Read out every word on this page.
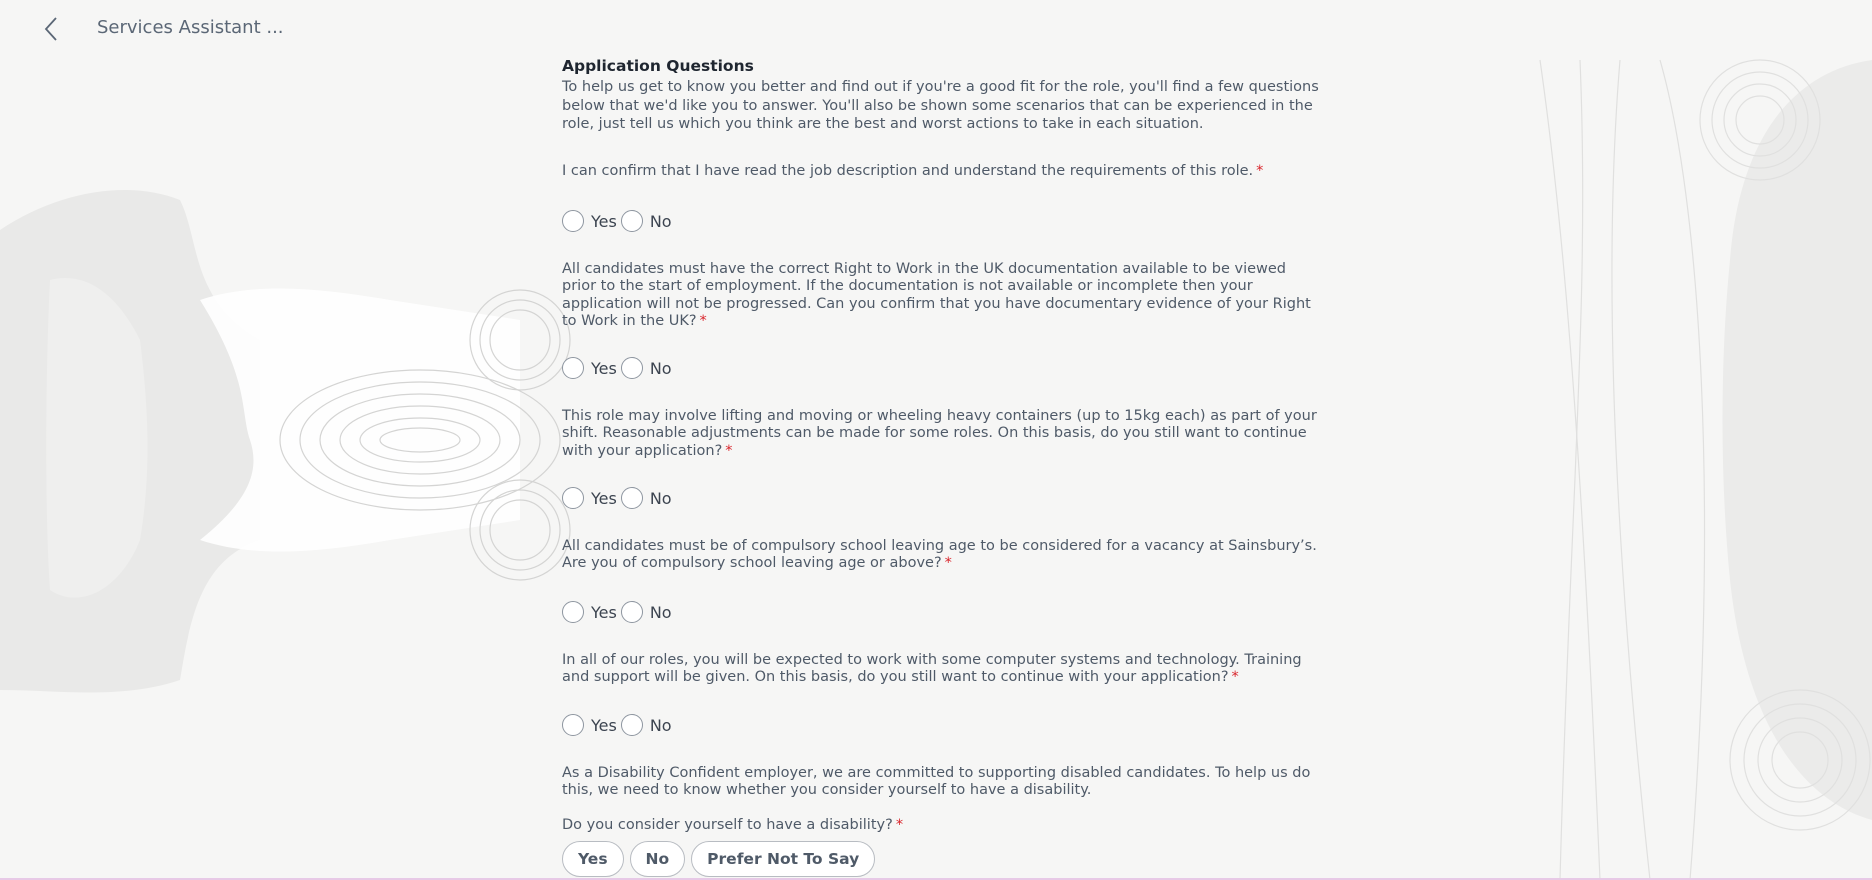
Services Assistant ...

Application Questions

To help us get to know you better and find out if you're a good fit for the role, you'll find a few questions below that we'd like you to answer. You'll also be shown some scenarios that can be experienced in the role, just tell us which you think are the best and worst actions to take in each situation.

I can confirm that I have read the job description and understand the requirements of this role. *
Yes No
All candidates must have the correct Right to Work in the UK documentation available to be viewed prior to the start of employment. If the documentation is not available or incomplete then your application will not be progressed. Can you confirm that you have documentary evidence of your Right to Work in the UK? *
Yes No
This role may involve lifting and moving or wheeling heavy containers (up to 15kg each) as part of your shift. Reasonable adjustments can be made for some roles. On this basis, do you still want to continue with your application? *
Yes No
All candidates must be of compulsory school leaving age to be considered for a vacancy at Sainsbury’s. Are you of compulsory school leaving age or above? *
Yes No
In all of our roles, you will be expected to work with some computer systems and technology. Training and support will be given. On this basis, do you still want to continue with your application? *
Yes No
As a Disability Confident employer, we are committed to supporting disabled candidates. To help us do this, we need to know whether you consider yourself to have a disability.
Do you consider yourself to have a disability? *
Yes	No	Prefer Not To Say
